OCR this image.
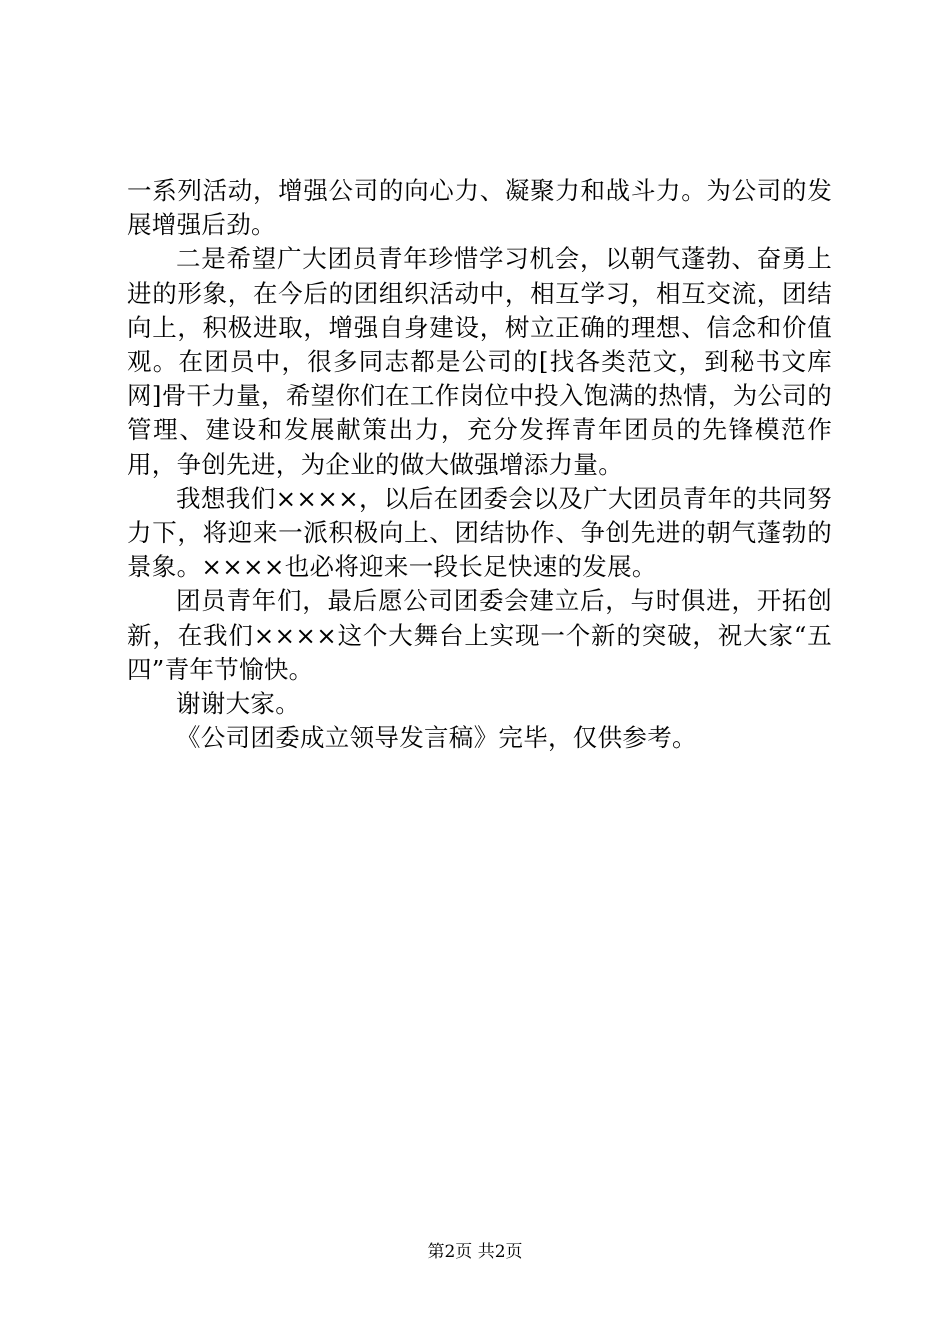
一系列活动，增强公司的向心力、凝聚力和战斗力。为公司的发展增强后劲。

二是希望广大团员青年珍惜学习机会，以朝气蓬勃、奋勇上进的形象，在今后的团组织活动中，相互学习，相互交流，团结向上，积极进取，增强自身建设，树立正确的理想、信念和价值观。在团员中，很多同志都是公司的[找各类范文，到秘书文库网]骨干力量，希望你们在工作岗位中投入饱满的热情，为公司的管理、建设和发展献策出力，充分发挥青年团员的先锋模范作用，争创先进，为企业的做大做强增添力量。

我想我们××××，以后在团委会以及广大团员青年的共同努力下，将迎来一派积极向上、团结协作、争创先进的朝气蓬勃的景象。××××也必将迎来一段长足快速的发展。

团员青年们，最后愿公司团委会建立后，与时俱进，开拓创新，在我们××××这个大舞台上实现一个新的突破，祝大家“五四”青年节愉快。

谢谢大家。

《公司团委成立领导发言稿》完毕，仅供参考。

第2页 共2页
